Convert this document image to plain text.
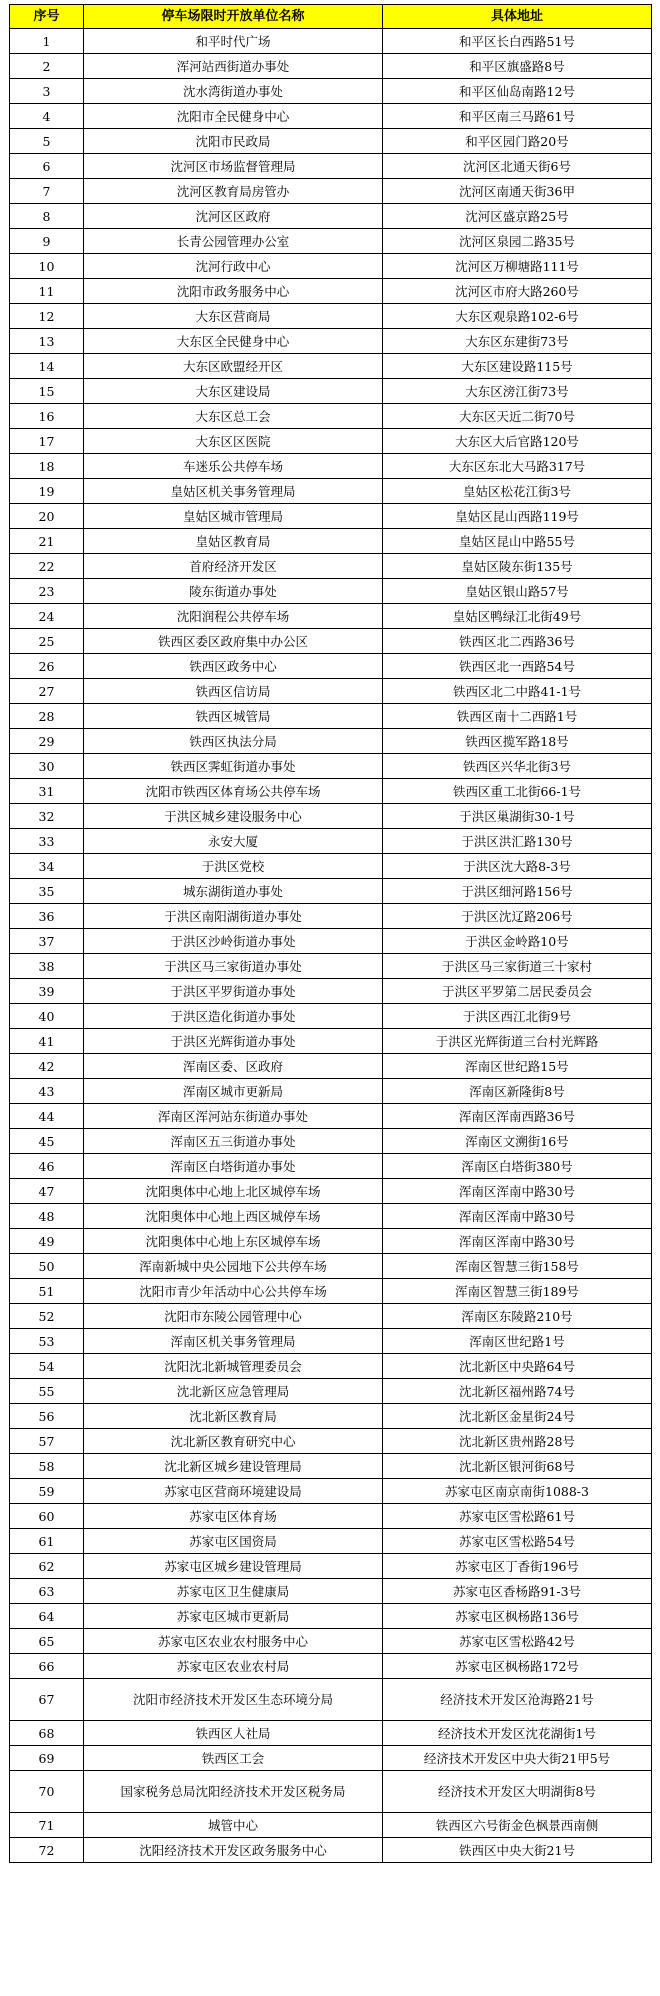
序号	停车场限时开放单位名称	具体地址
1	和平时代广场	和平区长白西路51号
2	浑河站西街道办事处	和平区旗盛路8号
3	沈水湾街道办事处	和平区仙岛南路12号
4	沈阳市全民健身中心	和平区南三马路61号
5	沈阳市民政局	和平区园门路20号
6	沈河区市场监督管理局	沈河区北通天街6号
7	沈河区教育局房管办	沈河区南通天街36甲
8	沈河区区政府	沈河区盛京路25号
9	长青公园管理办公室	沈河区泉园二路35号
10	沈河行政中心	沈河区万柳塘路111号
11	沈阳市政务服务中心	沈河区市府大路260号
12	大东区营商局	大东区观泉路102-6号
13	大东区全民健身中心	大东区东建街73号
14	大东区欧盟经开区	大东区建设路115号
15	大东区建设局	大东区滂江街73号
16	大东区总工会	大东区天近二街70号
17	大东区区医院	大东区大后官路120号
18	车迷乐公共停车场	大东区东北大马路317号
19	皇姑区机关事务管理局	皇姑区松花江街3号
20	皇姑区城市管理局	皇姑区昆山西路119号
21	皇姑区教育局	皇姑区昆山中路55号
22	首府经济开发区	皇姑区陵东街135号
23	陵东街道办事处	皇姑区银山路57号
24	沈阳润程公共停车场	皇姑区鸭绿江北街49号
25	铁西区委区政府集中办公区	铁西区北二西路36号
26	铁西区政务中心	铁西区北一西路54号
27	铁西区信访局	铁西区北二中路41-1号
28	铁西区城管局	铁西区南十二西路1号
29	铁西区执法分局	铁西区揽军路18号
30	铁西区霁虹街道办事处	铁西区兴华北街3号
31	沈阳市铁西区体育场公共停车场	铁西区重工北街66-1号
32	于洪区城乡建设服务中心	于洪区巢湖街30-1号
33	永安大厦	于洪区洪汇路130号
34	于洪区党校	于洪区沈大路8-3号
35	城东湖街道办事处	于洪区细河路156号
36	于洪区南阳湖街道办事处	于洪区沈辽路206号
37	于洪区沙岭街道办事处	于洪区金岭路10号
38	于洪区马三家街道办事处	于洪区马三家街道三十家村
39	于洪区平罗街道办事处	于洪区平罗第二居民委员会
40	于洪区造化街道办事处	于洪区西江北街9号
41	于洪区光辉街道办事处	于洪区光辉街道三台村光辉路
42	浑南区委、区政府	浑南区世纪路15号
43	浑南区城市更新局	浑南区新隆街8号
44	浑南区浑河站东街道办事处	浑南区浑南西路36号
45	浑南区五三街道办事处	浑南区文溯街16号
46	浑南区白塔街道办事处	浑南区白塔街380号
47	沈阳奥体中心地上北区城停车场	浑南区浑南中路30号
48	沈阳奥体中心地上西区城停车场	浑南区浑南中路30号
49	沈阳奥体中心地上东区城停车场	浑南区浑南中路30号
50	浑南新城中央公园地下公共停车场	浑南区智慧三街158号
51	沈阳市青少年活动中心公共停车场	浑南区智慧三街189号
52	沈阳市东陵公园管理中心	浑南区东陵路210号
53	浑南区机关事务管理局	浑南区世纪路1号
54	沈阳沈北新城管理委员会	沈北新区中央路64号
55	沈北新区应急管理局	沈北新区福州路74号
56	沈北新区教育局	沈北新区金星街24号
57	沈北新区教育研究中心	沈北新区贵州路28号
58	沈北新区城乡建设管理局	沈北新区银河街68号
59	苏家屯区营商环境建设局	苏家屯区南京南街1088-3
60	苏家屯区体育场	苏家屯区雪松路61号
61	苏家屯区国资局	苏家屯区雪松路54号
62	苏家屯区城乡建设管理局	苏家屯区丁香街196号
63	苏家屯区卫生健康局	苏家屯区香杨路91-3号
64	苏家屯区城市更新局	苏家屯区枫杨路136号
65	苏家屯区农业农村服务中心	苏家屯区雪松路42号
66	苏家屯区农业农村局	苏家屯区枫杨路172号
67	沈阳市经济技术开发区生态环境分局	经济技术开发区沧海路21号
68	铁西区人社局	经济技术开发区沈花湖街1号
69	铁西区工会	经济技术开发区中央大街21甲5号
70	国家税务总局沈阳经济技术开发区税务局	经济技术开发区大明湖街8号
71	城管中心	铁西区六号街金色枫景西南侧
72	沈阳经济技术开发区政务服务中心	铁西区中央大街21号
